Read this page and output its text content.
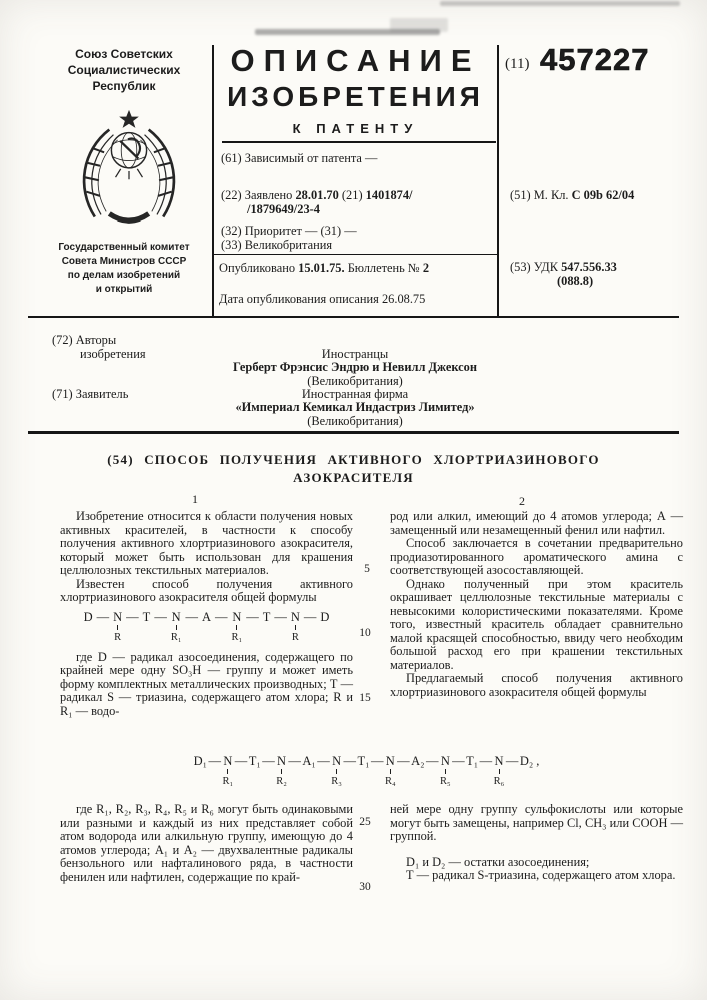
Союз Советских
Социалистических
Республик
Государственный комитет
Совета Министров СССР
по делам изобретений
и открытий
ОПИСАНИЕ
ИЗОБРЕТЕНИЯ
К ПАТЕНТУ
(11) 457227
(61) Зависимый от патента —
(22) Заявлено 28.01.70 (21) 1401874/
/1879649/23-4
(32) Приоритет — (31) —
(33) Великобритания
Опубликовано 15.01.75. Бюллетень № 2
Дата опубликования описания 26.08.75
(51) М. Кл. С 09b 62/04
(53) УДК 547.556.33
(088.8)
(72) Авторы
изобретения	Иностранцы
Герберт Фрэнсис Эндрю и Невилл Джексон
(Великобритания)
(71) Заявитель	Иностранная фирма
«Империал Кемикал Индастриз Лимитед»
(Великобритания)
(54) СПОСОБ ПОЛУЧЕНИЯ АКТИВНОГО ХЛОРТРИАЗИНОВОГО
АЗОКРАСИТЕЛЯ
1	2
5
10
15
25
30

Изобретение относится к области получения новых активных красителей, в частности к способу получения активного хлортриазинового азокрасителя, который может быть использован для крашения целлюлозных текстильных материалов.

Известен способ получения активного хлортриазинового азокрасителя общей формулы

D — N
R
— T — N
R₁
— A — N
R₁
— T — N
R
— D

где D — радикал азосоединения, содержащего по крайней мере одну SO₃H — группу и может иметь форму комплектных металлических производных; Т — радикал S — триазина, содержащего атом хлора; R и R₁ — водо-

род или алкил, имеющий до 4 атомов углерода; А — замещенный или незамещенный фенил или нафтил.

Способ заключается в сочетании предварительно продиазотированного ароматического амина с соответствующей азосоставляющей.

Однако полученный при этом краситель окрашивает целлюлозные текстильные материалы с невысокими колористическими показателями. Кроме того, известный краситель обладает сравнительно малой красящей способностью, ввиду чего необходим большой расход его при крашении текстильных материалов.

Предлагаемый способ получения активного хлортриазинового азокрасителя общей формулы

D₁ — N
R₁
— T₁ — N
R₂
— A₁ — N
R₃
— T₁ — N
R₄
— A₂ — N
R₅
— T₁ — N
R₆
— D₂ ,

где R₁, R₂, R₃, R₄, R₅ и R₆ могут быть одинаковыми или разными и каждый из них представляет собой атом водорода или алкильную группу, имеющую до 4 атомов углерода; А₁ и А₂ — двухвалентные радикалы бензольного или нафталинового ряда, в частности фенилен или нафтилен, содержащие по край-

ней мере одну группу сульфокислоты или которые могут быть замещены, например Cl, CH₃ или COOH — группой.

D₁ и D₂ — остатки азосоединения;

Т — радикал S-триазина, содержащего атом хлора.
